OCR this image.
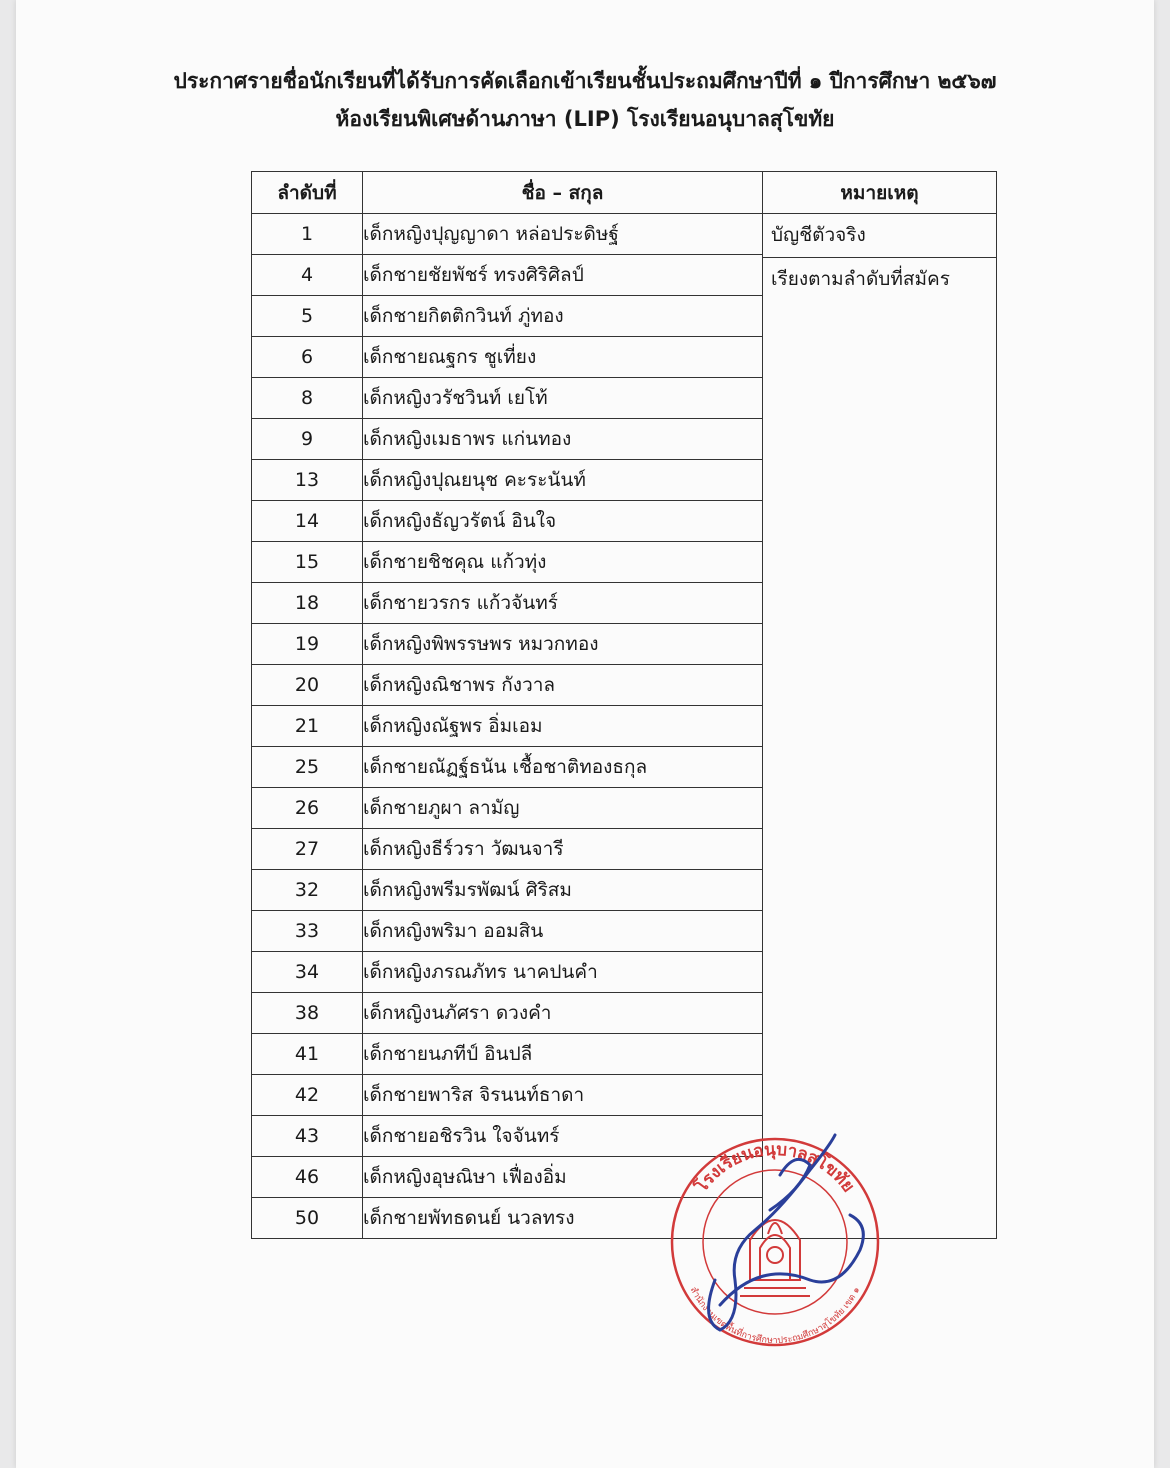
ประกาศรายชื่อนักเรียนที่ได้รับการคัดเลือกเข้าเรียนชั้นประถมศึกษาปีที่ ๑ ปีการศึกษา ๒๕๖๗
ห้องเรียนพิเศษด้านภาษา (LIP) โรงเรียนอนุบาลสุโขทัย
ลำดับที่	ชื่อ – สกุล	หมายเหตุ
1	เด็กหญิงปุญญาดา หล่อประดิษฐ์	บัญชีตัวจริง
เรียงตามลำดับที่สมัคร

4	เด็กชายชัยพัชร์ ทรงศิริศิลป์	
5	เด็กชายกิตติกวินท์ ภู่ทอง	
6	เด็กชายณฐกร ชูเที่ยง	
8	เด็กหญิงวรัชวินท์ เยโท้	
9	เด็กหญิงเมธาพร แก่นทอง	
13	เด็กหญิงปุณยนุช คะระนันท์	
14	เด็กหญิงธัญวรัตน์ อินใจ	
15	เด็กชายชิชคุณ แก้วทุ่ง	
18	เด็กชายวรกร แก้วจันทร์	
19	เด็กหญิงพิพรรษพร หมวกทอง	
20	เด็กหญิงณิชาพร กังวาล	
21	เด็กหญิงณัฐพร อิ่มเอม	
25	เด็กชายณัฏฐ์ธนัน เชื้อชาติทองธกุล	
26	เด็กชายภูผา ลามัญ	
27	เด็กหญิงธีร์วรา วัฒนจารี	
32	เด็กหญิงพรีมรพัฒน์ ศิริสม	
33	เด็กหญิงพริมา ออมสิน	
34	เด็กหญิงภรณภัทร นาคปนคำ	
38	เด็กหญิงนภัศรา ดวงคำ	
41	เด็กชายนภทีป์ อินปลี	
42	เด็กชายพาริส จิรนนท์ธาดา	
43	เด็กชายอชิรวิน ใจจันทร์	
46	เด็กหญิงอุษณิษา เฟื่องอิ่ม	
50	เด็กชายพัทธดนย์ นวลทรง	
โรงเรียนอนุบาลสุโขทัย
สำนักงานเขตพื้นที่การศึกษาประถมศึกษาสุโขทัย เขต ๑
